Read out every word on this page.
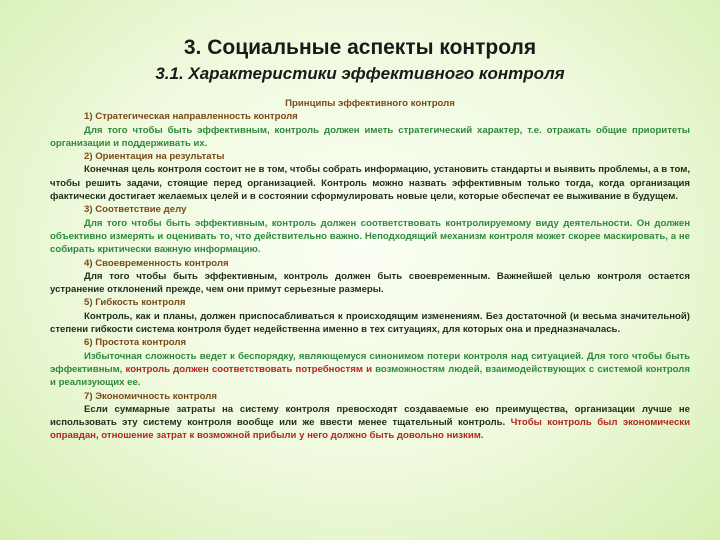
3. Социальные аспекты контроля
3.1. Характеристики эффективного контроля
Принципы эффективного контроля
1) Стратегическая направленность контроля
Для того чтобы быть эффективным, контроль должен иметь стратегический характер, т.е. отражать общие приоритеты организации и поддерживать их.
2) Ориентация на результаты
Конечная цель контроля состоит не в том, чтобы собрать информацию, установить стандарты и выявить проблемы, а в том, чтобы решить задачи, стоящие перед организацией. Контроль можно назвать эффективным только тогда, когда организация фактически достигает желаемых целей и в состоянии сформулировать новые цели, которые обеспечат ее выживание в будущем.
3) Соответствие делу
Для того чтобы быть эффективным, контроль должен соответствовать контролируемому виду деятельности. Он должен объективно измерять и оценивать то, что действительно важно. Неподходящий механизм контроля может скорее маскировать, а не собирать критически важную информацию.
4) Своевременность контроля
Для того чтобы быть эффективным, контроль должен быть своевременным. Важнейшей целью контроля остается устранение отклонений прежде, чем они примут серьезные размеры.
5) Гибкость контроля
Контроль, как и планы, должен приспосабливаться к происходящим изменениям. Без достаточной (и весьма значительной) степени гибкости система контроля будет недейственна именно в тех ситуациях, для которых она и предназначалась.
6) Простота контроля
Избыточная сложность ведет к беспорядку, являющемуся синонимом потери контроля над ситуацией. Для того чтобы быть эффективным, контроль должен соответствовать потребностям и возможностям людей, взаимодействующих с системой контроля и реализующих ее.
7) Экономичность контроля
Если суммарные затраты на систему контроля превосходят создаваемые ею преимущества, организации лучше не использовать эту систему контроля вообще или же ввести менее тщательный контроль. Чтобы контроль был экономически оправдан, отношение затрат к возможной прибыли у него должно быть довольно низким.
